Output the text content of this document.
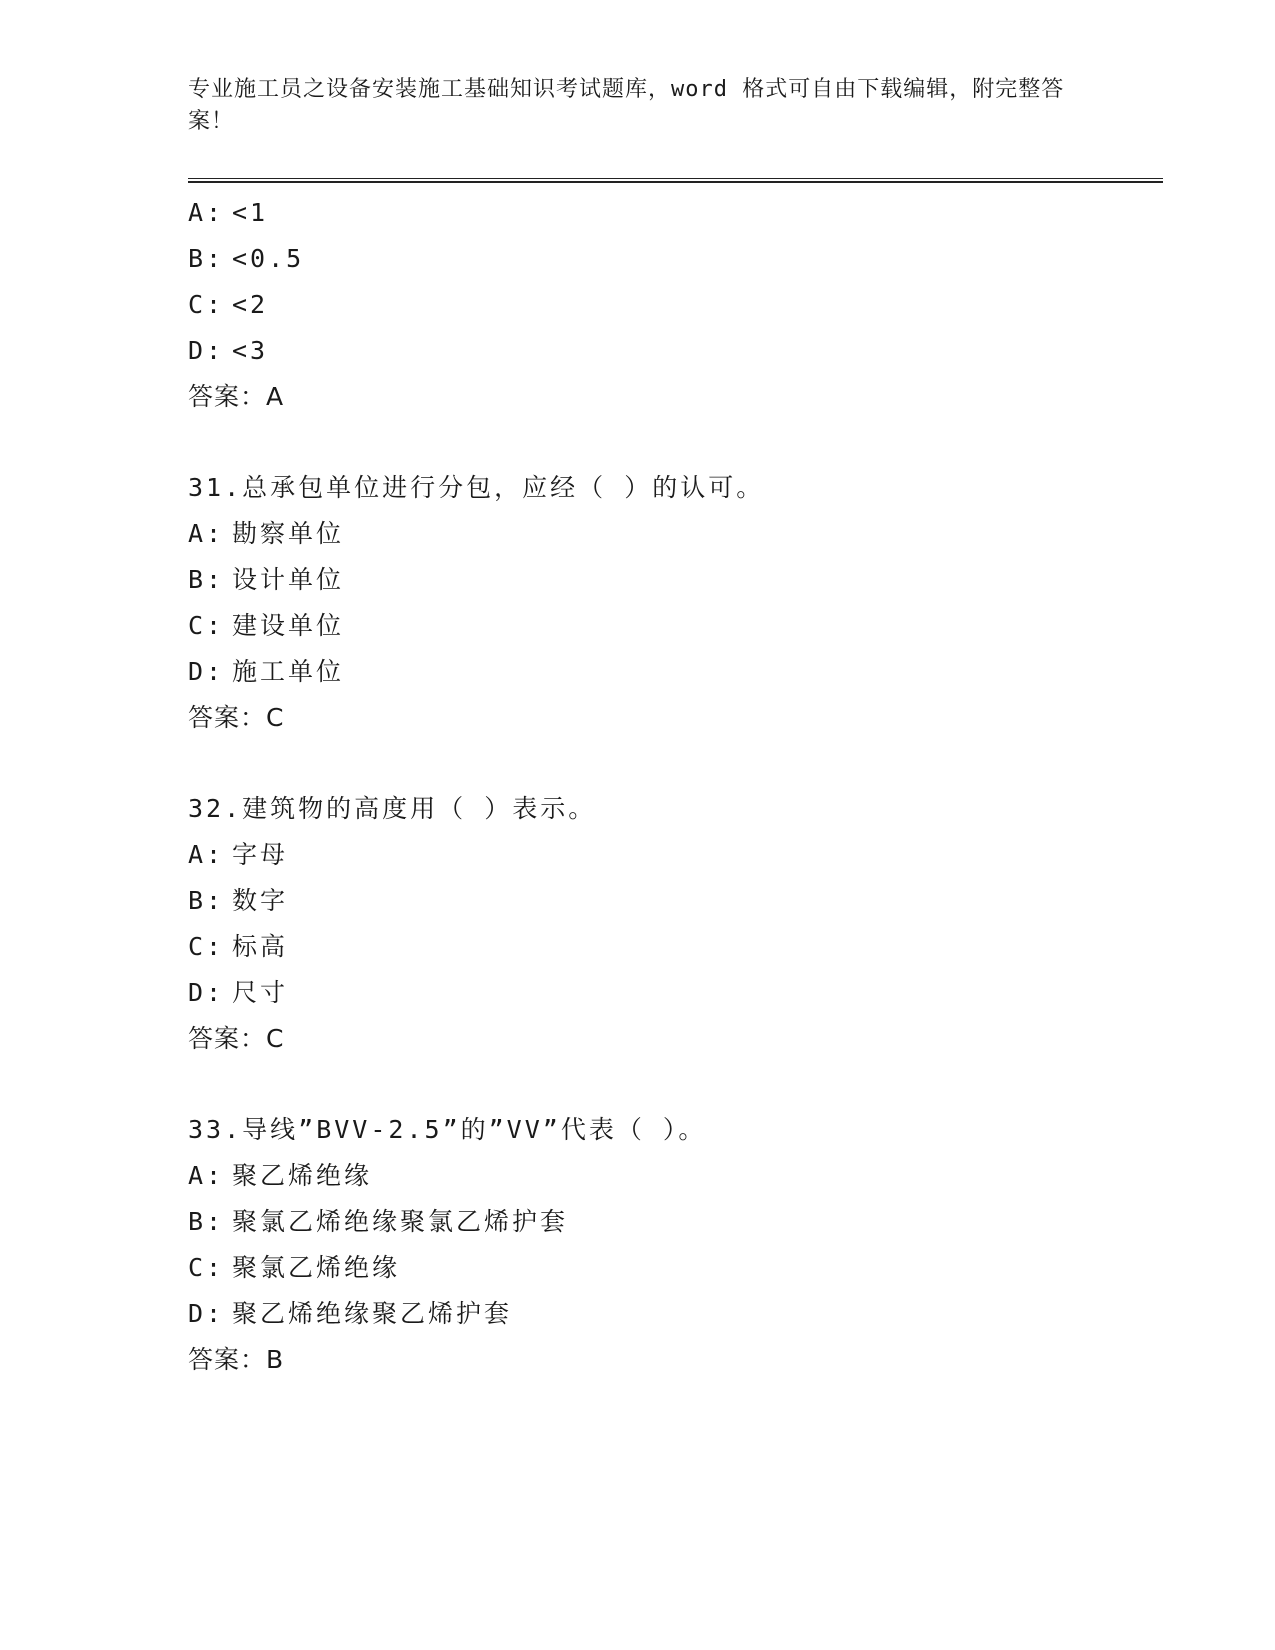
专业施工员之设备安装施工基础知识考试题库，word 格式可自由下载编辑，附完整答案！
A: <1
B: <0.5
C: <2
D: <3
答案：A
31.总承包单位进行分包，应经（ ）的认可。
A: 勘察单位
B: 设计单位
C: 建设单位
D: 施工单位
答案：C
32.建筑物的高度用（ ）表示。
A: 字母
B: 数字
C: 标高
D: 尺寸
答案：C
33.导线”BVV-2.5”的”VV”代表（ ）。
A: 聚乙烯绝缘
B: 聚氯乙烯绝缘聚氯乙烯护套
C: 聚氯乙烯绝缘
D: 聚乙烯绝缘聚乙烯护套
答案：B
